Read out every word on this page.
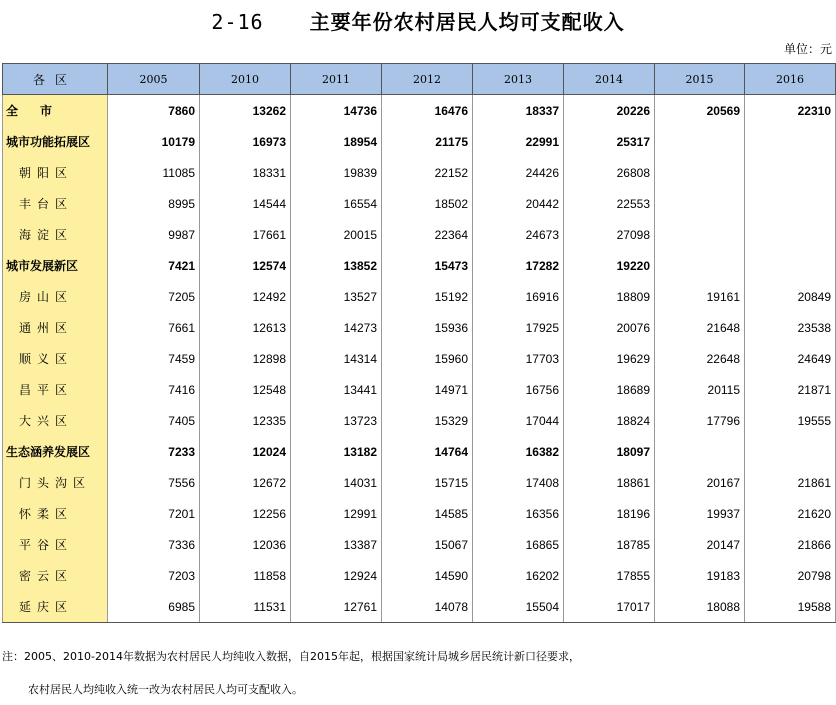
2-16 主要年份农村居民人均可支配收入
单位：元
各区	2005	2010	2011	2012	2013	2014	2015	2016
全市	7860	13262	14736	16476	18337	20226	20569	22310
城市功能拓展区	10179	16973	18954	21175	22991	25317		
朝阳区	11085	18331	19839	22152	24426	26808		
丰台区	8995	14544	16554	18502	20442	22553		
海淀区	9987	17661	20015	22364	24673	27098		
城市发展新区	7421	12574	13852	15473	17282	19220		
房山区	7205	12492	13527	15192	16916	18809	19161	20849
通州区	7661	12613	14273	15936	17925	20076	21648	23538
顺义区	7459	12898	14314	15960	17703	19629	22648	24649
昌平区	7416	12548	13441	14971	16756	18689	20115	21871
大兴区	7405	12335	13723	15329	17044	18824	17796	19555
生态涵养发展区	7233	12024	13182	14764	16382	18097		
门头沟区	7556	12672	14031	15715	17408	18861	20167	21861
怀柔区	7201	12256	12991	14585	16356	18196	19937	21620
平谷区	7336	12036	13387	15067	16865	18785	20147	21866
密云区	7203	11858	12924	14590	16202	17855	19183	20798
延庆区	6985	11531	12761	14078	15504	17017	18088	19588
注：2005、2010-2014年数据为农村居民人均纯收入数据，自2015年起，根据国家统计局城乡居民统计新口径要求，
农村居民人均纯收入统一改为农村居民人均可支配收入。
